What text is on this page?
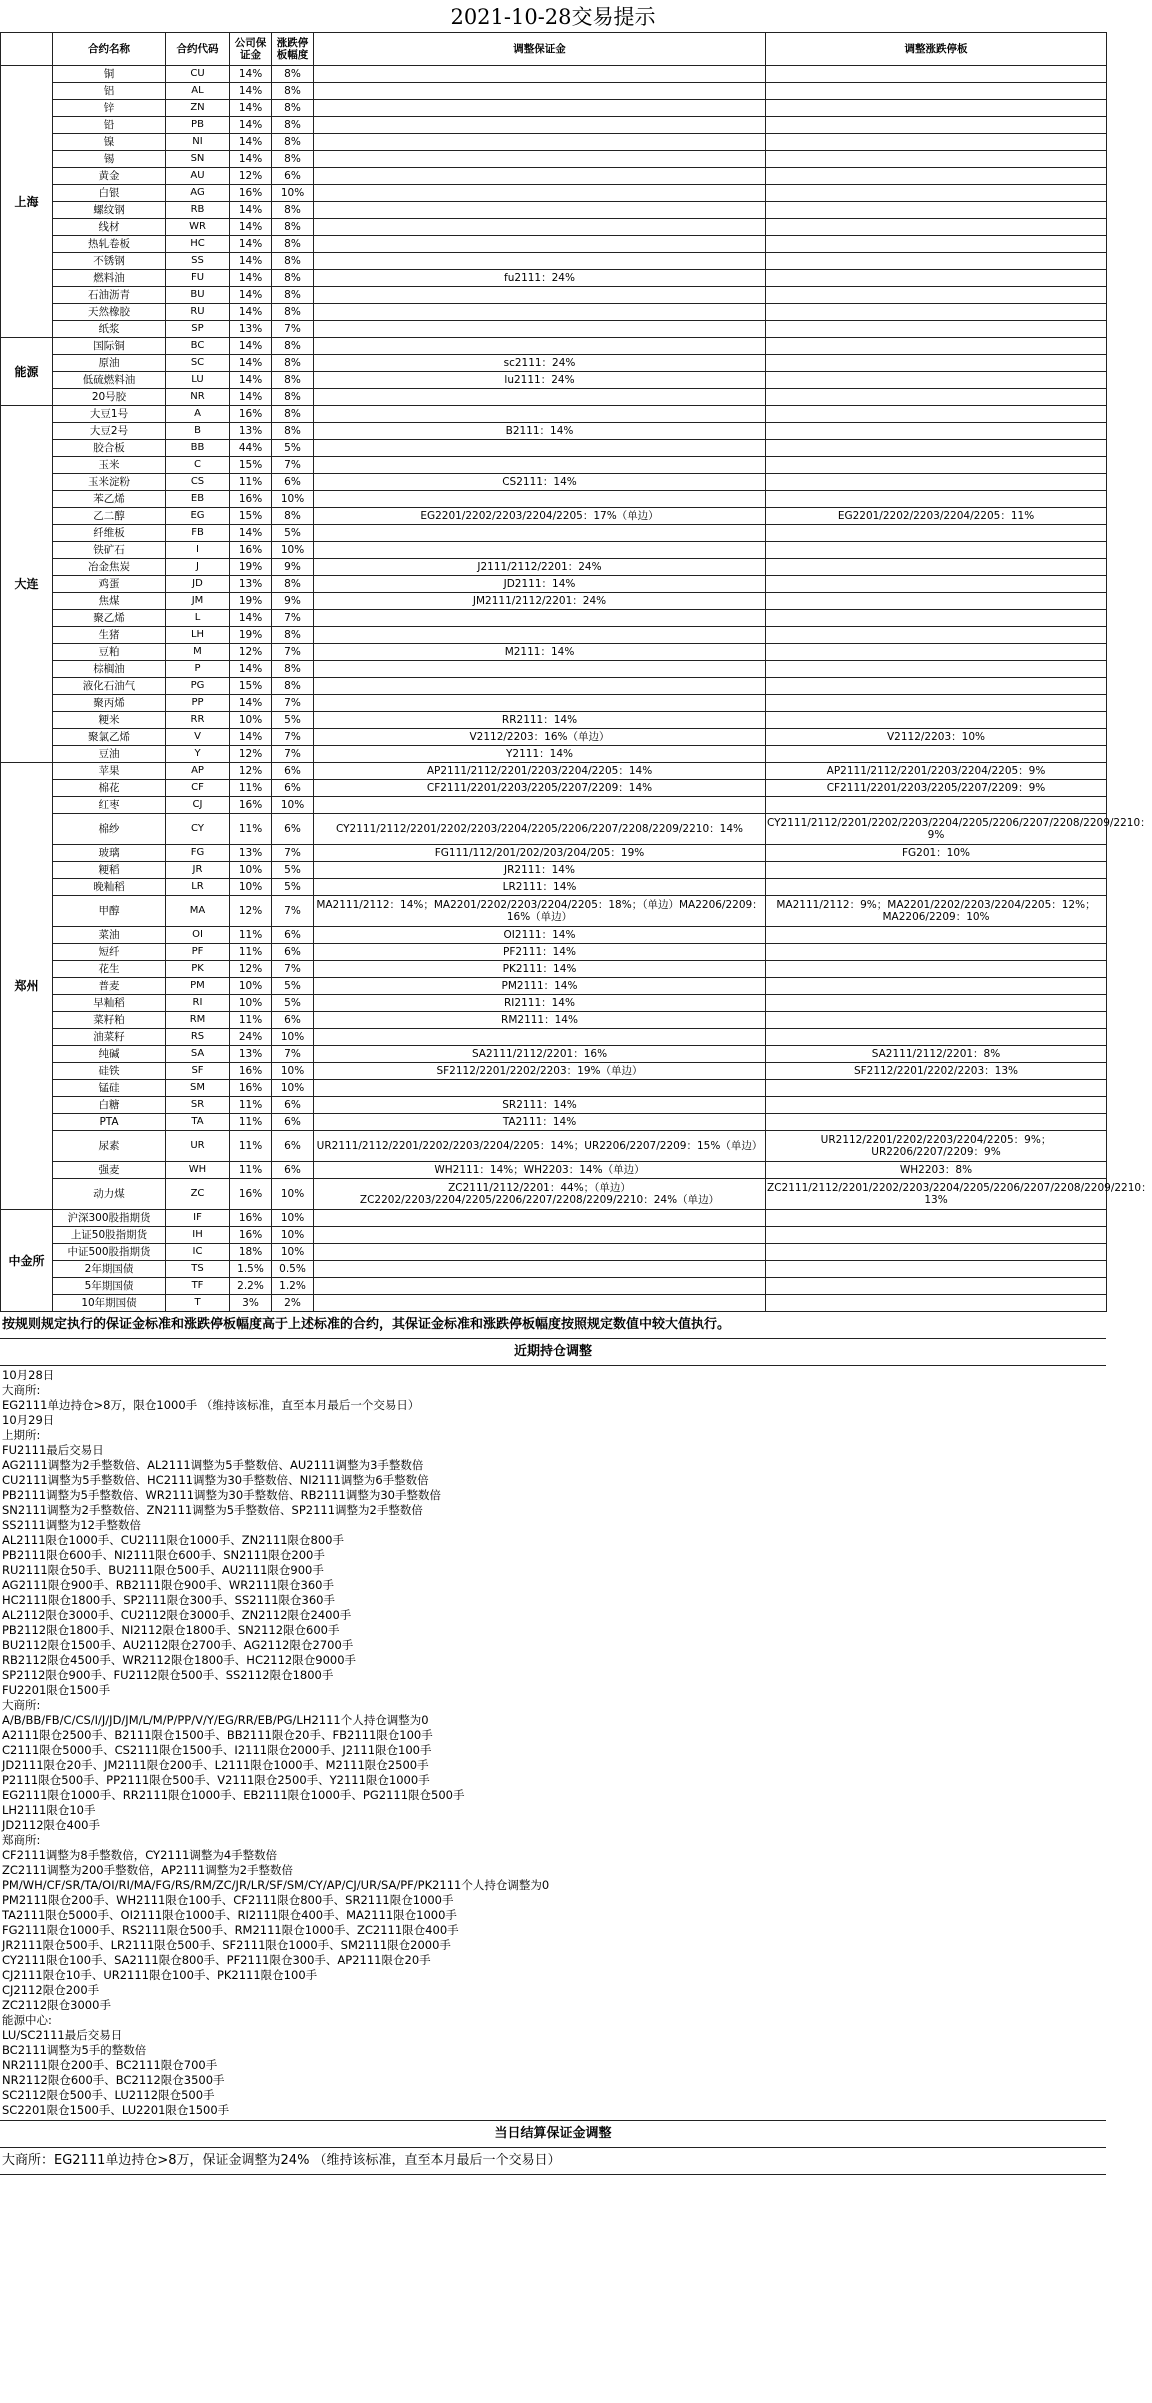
2021-10-28交易提示
	合约名称	合约代码	公司保证金	涨跌停板幅度	调整保证金	调整涨跌停板
上海	铜	CU	14%	8%		
	铝	AL	14%	8%		
	锌	ZN	14%	8%		
	铅	PB	14%	8%		
	镍	NI	14%	8%		
	锡	SN	14%	8%		
	黄金	AU	12%	6%		
	白银	AG	16%	10%		
	螺纹钢	RB	14%	8%		
	线材	WR	14%	8%		
	热轧卷板	HC	14%	8%		
	不锈钢	SS	14%	8%		
	燃料油	FU	14%	8%	fu2111：24%	
	石油沥青	BU	14%	8%		
	天然橡胶	RU	14%	8%		
	纸浆	SP	13%	7%		
能源	国际铜	BC	14%	8%		
	原油	SC	14%	8%	sc2111：24%	
	低硫燃料油	LU	14%	8%	lu2111：24%	
	20号胶	NR	14%	8%		
大连	大豆1号	A	16%	8%		
	大豆2号	B	13%	8%	B2111：14%	
	胶合板	BB	44%	5%		
	玉米	C	15%	7%		
	玉米淀粉	CS	11%	6%	CS2111：14%	
	苯乙烯	EB	16%	10%		
	乙二醇	EG	15%	8%	EG2201/2202/2203/2204/2205：17%（单边）	EG2201/2202/2203/2204/2205：11%
	纤维板	FB	14%	5%		
	铁矿石	I	16%	10%		
	冶金焦炭	J	19%	9%	J2111/2112/2201：24%	
	鸡蛋	JD	13%	8%	JD2111：14%	
	焦煤	JM	19%	9%	JM2111/2112/2201：24%	
	聚乙烯	L	14%	7%		
	生猪	LH	19%	8%		
	豆粕	M	12%	7%	M2111：14%	
	棕榈油	P	14%	8%		
	液化石油气	PG	15%	8%		
	聚丙烯	PP	14%	7%		
	粳米	RR	10%	5%	RR2111：14%	
	聚氯乙烯	V	14%	7%	V2112/2203：16%（单边）	V2112/2203：10%
	豆油	Y	12%	7%	Y2111：14%	
郑州	苹果	AP	12%	6%	AP2111/2112/2201/2203/2204/2205：14%	AP2111/2112/2201/2203/2204/2205：9%
	棉花	CF	11%	6%	CF2111/2201/2203/2205/2207/2209：14%	CF2111/2201/2203/2205/2207/2209：9%
	红枣	CJ	16%	10%		
	棉纱	CY	11%	6%	CY2111/2112/2201/2202/2203/2204/2205/2206/2207/2208/2209/2210：14%	CY2111/2112/2201/2202/2203/2204/2205/2206/2207/2208/2209/2210：9%
	玻璃	FG	13%	7%	FG111/112/201/202/203/204/205：19%	FG201：10%
	粳稻	JR	10%	5%	JR2111：14%	
	晚籼稻	LR	10%	5%	LR2111：14%	
	甲醇	MA	12%	7%	MA2111/2112：14%；MA2201/2202/2203/2204/2205：18%；（单边）MA2206/2209：16%（单边）	MA2111/2112：9%；MA2201/2202/2203/2204/2205：12%；MA2206/2209：10%
	菜油	OI	11%	6%	OI2111：14%	
	短纤	PF	11%	6%	PF2111：14%	
	花生	PK	12%	7%	PK2111：14%	
	普麦	PM	10%	5%	PM2111：14%	
	早籼稻	RI	10%	5%	RI2111：14%	
	菜籽粕	RM	11%	6%	RM2111：14%	
	油菜籽	RS	24%	10%		
	纯碱	SA	13%	7%	SA2111/2112/2201：16%	SA2111/2112/2201：8%
	硅铁	SF	16%	10%	SF2112/2201/2202/2203：19%（单边）	SF2112/2201/2202/2203：13%
	锰硅	SM	16%	10%		
	白糖	SR	11%	6%	SR2111：14%	
	PTA	TA	11%	6%	TA2111：14%	
	尿素	UR	11%	6%	UR2111/2112/2201/2202/2203/2204/2205：14%；UR2206/2207/2209：15%（单边）	UR2112/2201/2202/2203/2204/2205：9%；UR2206/2207/2209：9%
	强麦	WH	11%	6%	WH2111：14%；WH2203：14%（单边）	WH2203：8%
	动力煤	ZC	16%	10%	ZC2111/2112/2201：44%；（单边）ZC2202/2203/2204/2205/2206/2207/2208/2209/2210：24%（单边）	ZC2111/2112/2201/2202/2203/2204/2205/2206/2207/2208/2209/2210：13%
中金所	沪深300股指期货	IF	16%	10%		
	上证50股指期货	IH	16%	10%		
	中证500股指期货	IC	18%	10%		
	2年期国债	TS	1.5%	0.5%		
	5年期国债	TF	2.2%	1.2%		
	10年期国债	T	3%	2%		
按规则规定执行的保证金标准和涨跌停板幅度高于上述标准的合约，其保证金标准和涨跌停板幅度按照规定数值中较大值执行。
近期持仓调整
10月28日
大商所:
EG2111单边持仓>8万，限仓1000手 （维持该标准，直至本月最后一个交易日）
10月29日
上期所:
FU2111最后交易日
AG2111调整为2手整数倍、AL2111调整为5手整数倍、AU2111调整为3手整数倍
CU2111调整为5手整数倍、HC2111调整为30手整数倍、NI2111调整为6手整数倍
PB2111调整为5手整数倍、WR2111调整为30手整数倍、RB2111调整为30手整数倍
SN2111调整为2手整数倍、ZN2111调整为5手整数倍、SP2111调整为2手整数倍
SS2111调整为12手整数倍
AL2111限仓1000手、CU2111限仓1000手、ZN2111限仓800手
PB2111限仓600手、NI2111限仓600手、SN2111限仓200手
RU2111限仓50手、BU2111限仓500手、AU2111限仓900手
AG2111限仓900手、RB2111限仓900手、WR2111限仓360手
HC2111限仓1800手、SP2111限仓300手、SS2111限仓360手
AL2112限仓3000手、CU2112限仓3000手、ZN2112限仓2400手
PB2112限仓1800手、NI2112限仓1800手、SN2112限仓600手
BU2112限仓1500手、AU2112限仓2700手、AG2112限仓2700手
RB2112限仓4500手、WR2112限仓1800手、HC2112限仓9000手
SP2112限仓900手、FU2112限仓500手、SS2112限仓1800手
FU2201限仓1500手
大商所:
A/B/BB/FB/C/CS/I/J/JD/JM/L/M/P/PP/V/Y/EG/RR/EB/PG/LH2111个人持仓调整为0
A2111限仓2500手、B2111限仓1500手、BB2111限仓20手、FB2111限仓100手
C2111限仓5000手、CS2111限仓1500手、I2111限仓2000手、J2111限仓100手
JD2111限仓20手、JM2111限仓200手、L2111限仓1000手、M2111限仓2500手
P2111限仓500手、PP2111限仓500手、V2111限仓2500手、Y2111限仓1000手
EG2111限仓1000手、RR2111限仓1000手、EB2111限仓1000手、PG2111限仓500手
LH2111限仓10手
JD2112限仓400手
郑商所:
CF2111调整为8手整数倍，CY2111调整为4手整数倍
ZC2111调整为200手整数倍，AP2111调整为2手整数倍
PM/WH/CF/SR/TA/OI/RI/MA/FG/RS/RM/ZC/JR/LR/SF/SM/CY/AP/CJ/UR/SA/PF/PK2111个人持仓调整为0
PM2111限仓200手、WH2111限仓100手、CF2111限仓800手、SR2111限仓1000手
TA2111限仓5000手、OI2111限仓1000手、RI2111限仓400手、MA2111限仓1000手
FG2111限仓1000手、RS2111限仓500手、RM2111限仓1000手、ZC2111限仓400手
JR2111限仓500手、LR2111限仓500手、SF2111限仓1000手、SM2111限仓2000手
CY2111限仓100手、SA2111限仓800手、PF2111限仓300手、AP2111限仓20手
CJ2111限仓10手、UR2111限仓100手、PK2111限仓100手
CJ2112限仓200手
ZC2112限仓3000手
能源中心:
LU/SC2111最后交易日
BC2111调整为5手的整数倍
NR2111限仓200手、BC2111限仓700手
NR2112限仓600手、BC2112限仓3500手
SC2112限仓500手、LU2112限仓500手
SC2201限仓1500手、LU2201限仓1500手
当日结算保证金调整
大商所：EG2111单边持仓>8万，保证金调整为24% （维持该标准，直至本月最后一个交易日）
